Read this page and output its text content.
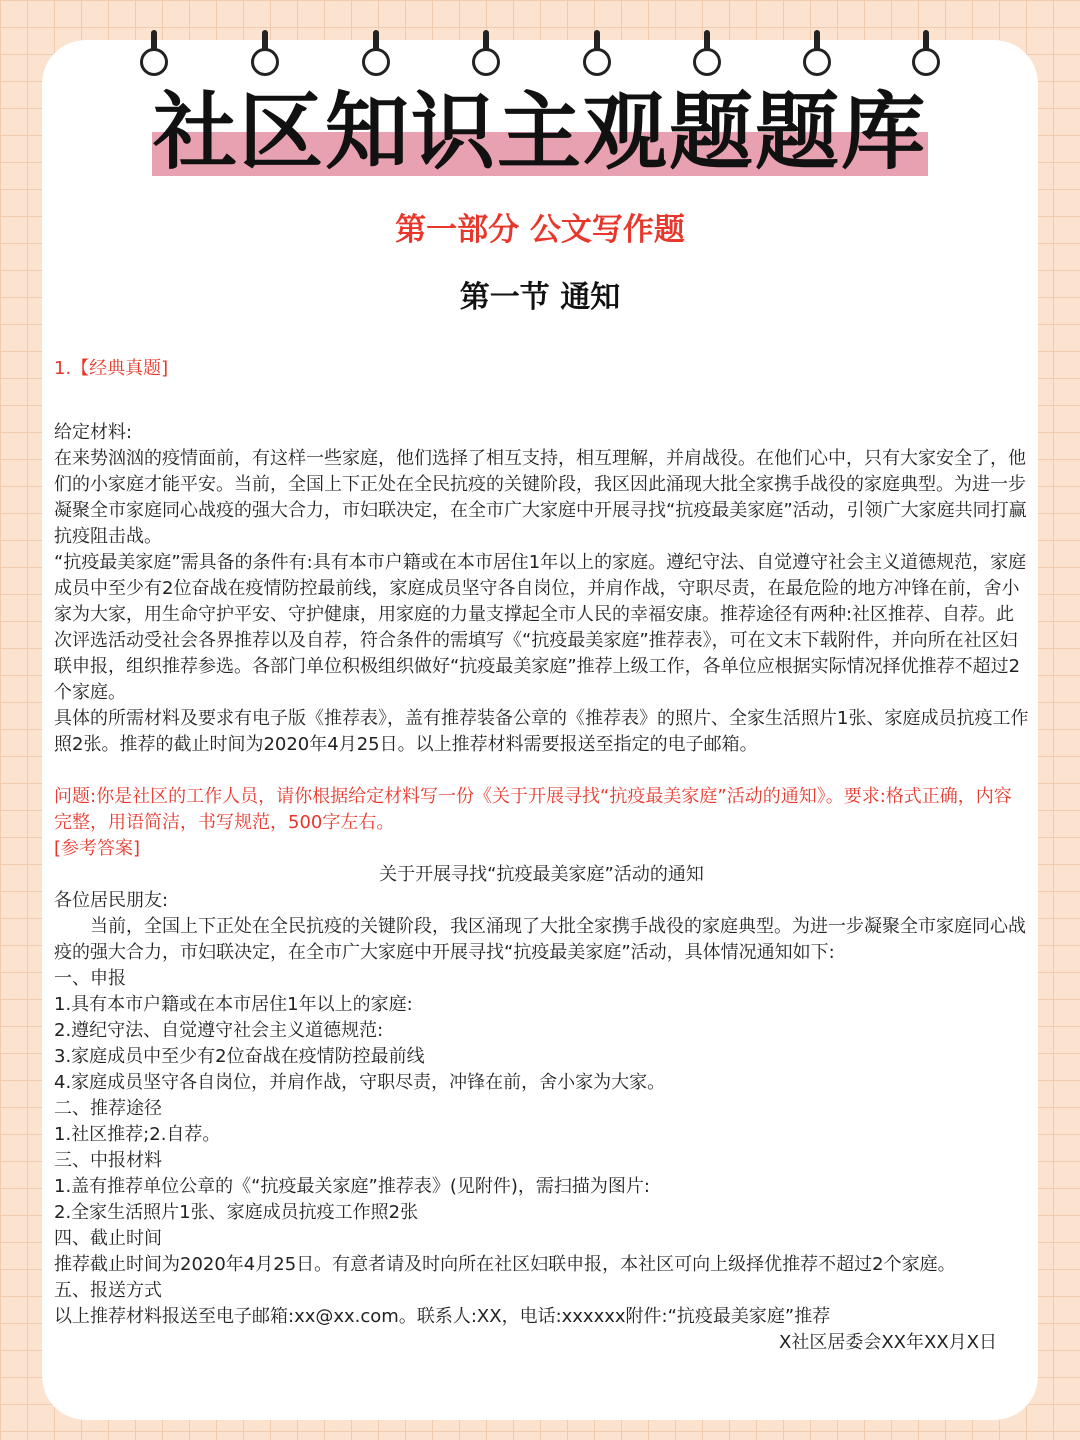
社区知识主观题题库
第一部分 公文写作题
第一节 通知

1.【经典真题]

给定材料:

在来势汹汹的疫情面前，有这样一些家庭，他们选择了相互支持，相互理解，并肩战役。在他们心中，只有大家安全了，他们的小家庭才能平安。当前，全国上下正处在全民抗疫的关键阶段，我区因此涌现大批全家携手战役的家庭典型。为进一步凝聚全市家庭同心战疫的强大合力，市妇联决定，在全市广大家庭中开展寻找“抗疫最美家庭”活动，引领广大家庭共同打赢抗疫阻击战。

“抗疫最美家庭”需具备的条件有:具有本市户籍或在本市居住1年以上的家庭。遵纪守法、自觉遵守社会主义道德规范，家庭成员中至少有2位奋战在疫情防控最前线，家庭成员坚守各自岗位，并肩作战，守职尽责，在最危险的地方冲锋在前，舍小家为大家，用生命守护平安、守护健康，用家庭的力量支撑起全市人民的幸福安康。推荐途径有两种:社区推荐、自荐。此次评选活动受社会各界推荐以及自荐，符合条件的需填写《“抗疫最美家庭”推荐表》，可在文末下载附件，并向所在社区妇联申报，组织推荐参选。各部门单位积极组织做好“抗疫最美家庭”推荐上级工作，各单位应根据实际情况择优推荐不超过2个家庭。

具体的所需材料及要求有电子版《推荐表》，盖有推荐装备公章的《推荐表》的照片、全家生活照片1张、家庭成员抗疫工作照2张。推荐的截止时间为2020年4月25日。以上推荐材料需要报送至指定的电子邮箱。

问题:你是社区的工作人员，请你根据给定材料写一份《关于开展寻找“抗疫最美家庭”活动的通知》。要求:格式正确，内容完整，用语简洁，书写规范，500字左右。

[参考答案]

关于开展寻找“抗疫最美家庭”活动的通知

各位居民朋友:

当前，全国上下正处在全民抗疫的关键阶段，我区涌现了大批全家携手战役的家庭典型。为进一步凝聚全市家庭同心战疫的强大合力，市妇联决定，在全市广大家庭中开展寻找“抗疫最美家庭”活动，具体情况通知如下:

一、申报

1.具有本市户籍或在本市居住1年以上的家庭:

2.遵纪守法、自觉遵守社会主义道德规范:

3.家庭成员中至少有2位奋战在疫情防控最前线

4.家庭成员坚守各自岗位，并肩作战，守职尽责，冲锋在前，舍小家为大家。

二、推荐途径

1.社区推荐;2.自荐。

三、中报材料

1.盖有推荐单位公章的《“抗疫最关家庭”推荐表》(见附件)，需扫描为图片:

2.全家生活照片1张、家庭成员抗疫工作照2张

四、截止时间

推荐截止时间为2020年4月25日。有意者请及时向所在社区妇联申报，本社区可向上级择优推荐不超过2个家庭。

五、报送方式

以上推荐材料报送至电子邮箱:xx@xx.com。联系人:XX，电话:xxxxxx附件:“抗疫最美家庭”推荐

X社区居委会XX年XX月X日
